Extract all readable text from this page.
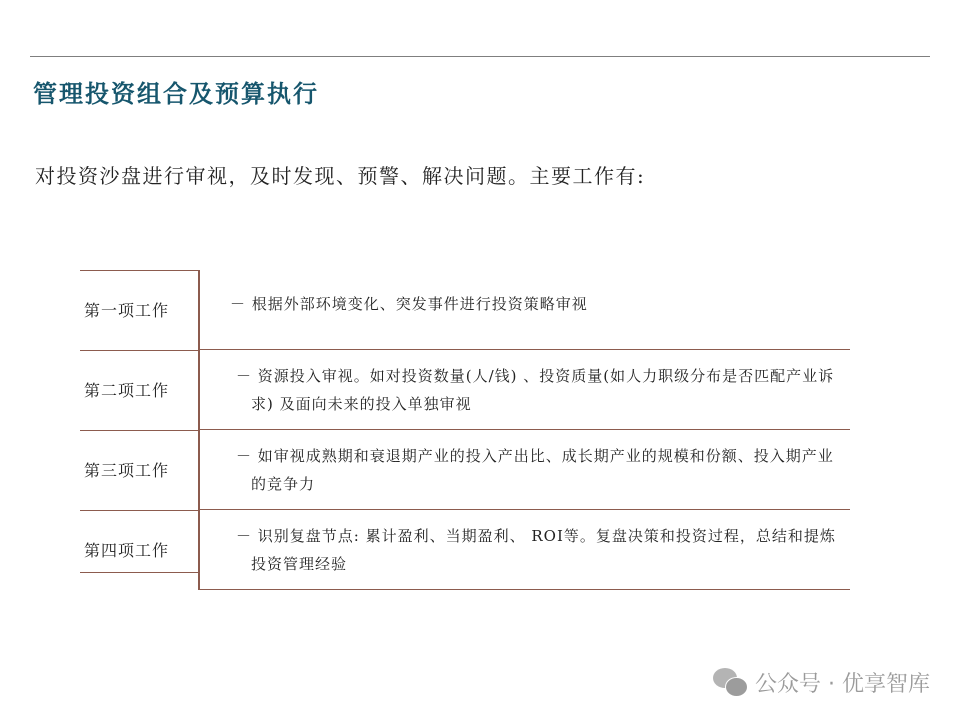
管理投资组合及预算执行
对投资沙盘进行审视，及时发现、预警、解决问题。主要工作有:
第一项工作	－ 根据外部环境变化、突发事件进行投资策略审视
第二项工作
－ 资源投入审视。如对投资数量(人/钱) 、投资质量(如人力职级分布是否匹配产业诉求) 及面向未来的投入单独审视
第三项工作
－ 如审视成熟期和衰退期产业的投入产出比、成长期产业的规模和份额、投入期产业的竞争力
第四项工作
－ 识别复盘节点: 累计盈利、当期盈利、 ROI等。复盘决策和投资过程，总结和提炼投资管理经验
公众号 · 优享智库
